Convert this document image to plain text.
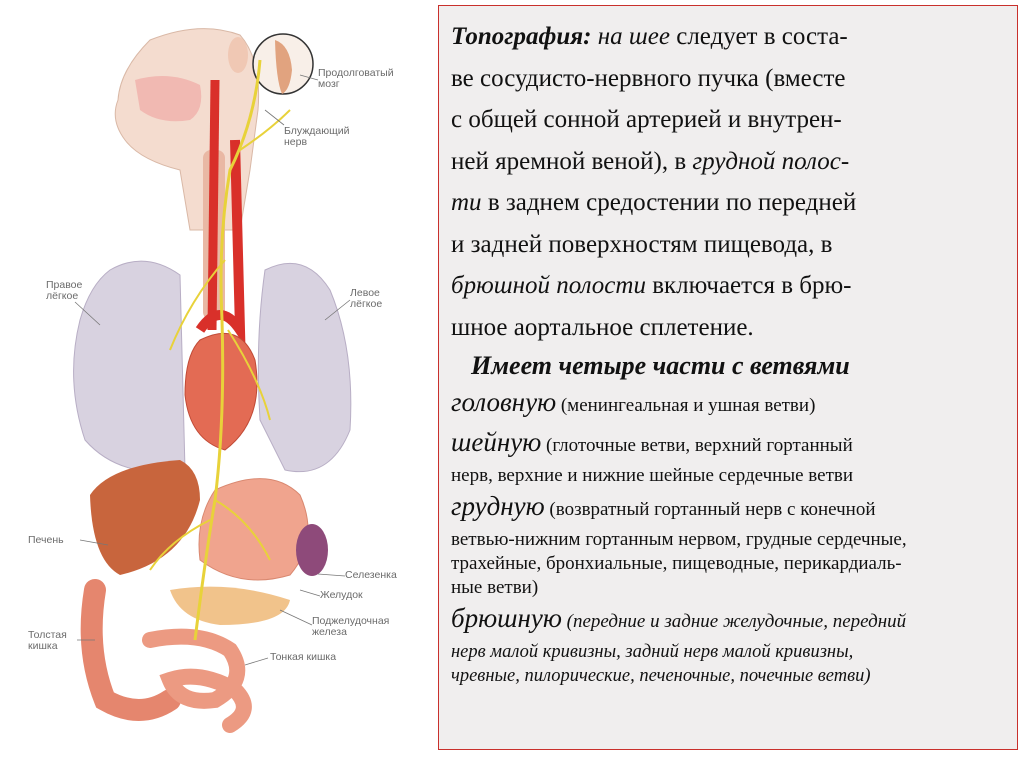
Продолговатый
мозг
Блуждающий
нерв
Правое
лёгкое	Левое
лёгкое
Печень
Селезенка
Желудок
Поджелудочная
железа
Толстая
кишка
Тонкая кишка
Топография: на шее следует в соста-
ве сосудисто-нервного пучка (вместе
с общей сонной артерией и внутрен-
ней яремной веной), в грудной полос-
ти в заднем средостении по передней
и задней поверхностям пищевода, в
брюшной полости включается в брю-
шное аортальное сплетение.
Имеет четыре части с ветвями
головную (менингеальная и ушная ветви)
шейную (глоточные ветви, верхний гортанный
нерв, верхние и нижние шейные сердечные ветви
грудную (возвратный гортанный нерв с конечной
ветвью-нижним гортанным нервом, грудные сердечные,
трахейные, бронхиальные, пищеводные, перикардиаль-
ные ветви)
брюшную (передние и задние желудочные, передний
нерв малой кривизны, задний нерв малой кривизны,
чревные, пилорические, печеночные, почечные ветви)
